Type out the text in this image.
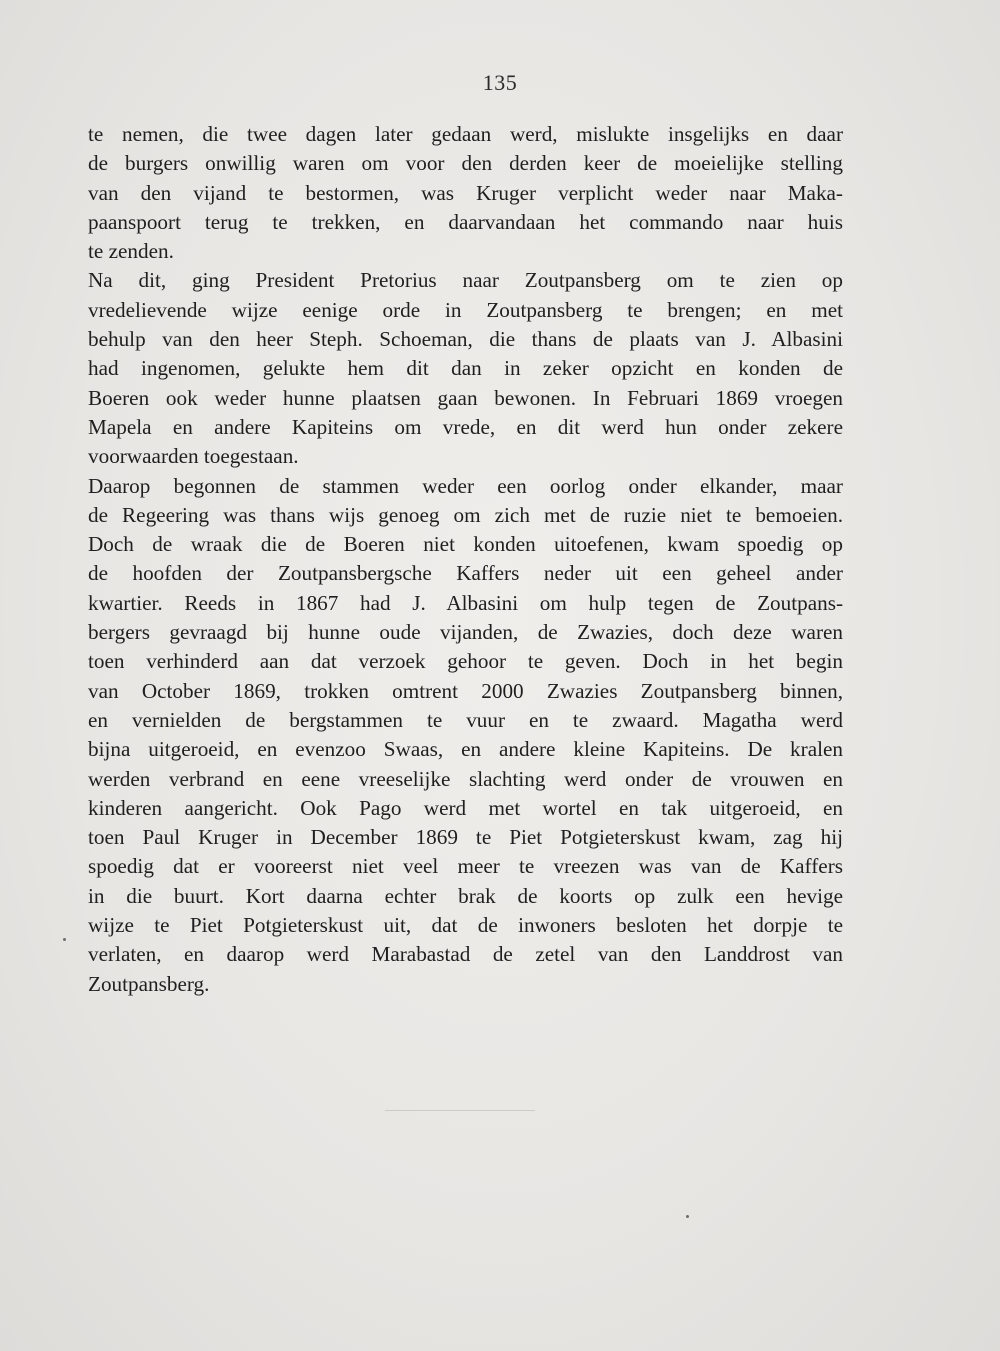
135
te nemen, die twee dagen later gedaan werd, mislukte insgelijks en daar
de burgers onwillig waren om voor den derden keer de moeielijke stelling
van den vijand te bestormen, was Kruger verplicht weder naar Maka-
paanspoort terug te trekken, en daarvandaan het commando naar huis
te zenden.
Na dit, ging President Pretorius naar Zoutpansberg om te zien op
vredelievende wijze eenige orde in Zoutpansberg te brengen; en met
behulp van den heer Steph. Schoeman, die thans de plaats van J. Albasini
had ingenomen, gelukte hem dit dan in zeker opzicht en konden de
Boeren ook weder hunne plaatsen gaan bewonen. In Februari 1869 vroegen
Mapela en andere Kapiteins om vrede, en dit werd hun onder zekere
voorwaarden toegestaan.
Daarop begonnen de stammen weder een oorlog onder elkander, maar
de Regeering was thans wijs genoeg om zich met de ruzie niet te bemoeien.
Doch de wraak die de Boeren niet konden uitoefenen, kwam spoedig op
de hoofden der Zoutpansbergsche Kaffers neder uit een geheel ander
kwartier. Reeds in 1867 had J. Albasini om hulp tegen de Zoutpans-
bergers gevraagd bij hunne oude vijanden, de Zwazies, doch deze waren
toen verhinderd aan dat verzoek gehoor te geven. Doch in het begin
van October 1869, trokken omtrent 2000 Zwazies Zoutpansberg binnen,
en vernielden de bergstammen te vuur en te zwaard. Magatha werd
bijna uitgeroeid, en evenzoo Swaas, en andere kleine Kapiteins. De kralen
werden verbrand en eene vreeselijke slachting werd onder de vrouwen en
kinderen aangericht. Ook Pago werd met wortel en tak uitgeroeid, en
toen Paul Kruger in December 1869 te Piet Potgieterskust kwam, zag hij
spoedig dat er vooreerst niet veel meer te vreezen was van de Kaffers
in die buurt. Kort daarna echter brak de koorts op zulk een hevige
wijze te Piet Potgieterskust uit, dat de inwoners besloten het dorpje te
verlaten, en daarop werd Marabastad de zetel van den Landdrost van
Zoutpansberg.
